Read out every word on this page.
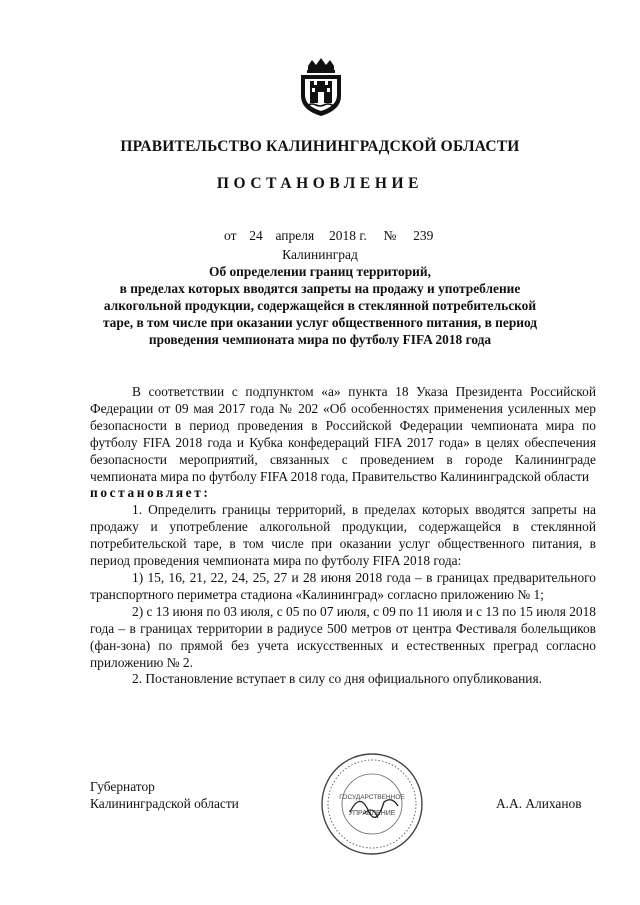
ПРАВИТЕЛЬСТВО КАЛИНИНГРАДСКОЙ ОБЛАСТИ
ПОСТАНОВЛЕНИЕ
от 24 апреля 2018 г. № 239
Калининград
Об определении границ территорий,
в пределах которых вводятся запреты на продажу и употребление
алкогольной продукции, содержащейся в стеклянной потребительской
таре, в том числе при оказании услуг общественного питания, в период
проведения чемпионата мира по футболу FIFA 2018 года

В соответствии с подпунктом «а» пункта 18 Указа Президента Российской Федерации от 09 мая 2017 года № 202 «Об особенностях применения усиленных мер безопасности в период проведения в Российской Федерации чемпионата мира по футболу FIFA 2018 года и Кубка конфедераций FIFA 2017 года» в целях обеспечения безопасности мероприятий, связанных с проведением в городе Калининграде чемпионата мира по футболу FIFA 2018 года, Правительство Калининградской области

постановляет:

1. Определить границы территорий, в пределах которых вводятся запреты на продажу и употребление алкогольной продукции, содержащейся в стеклянной потребительской таре, в том числе при оказании услуг общественного питания, в период проведения чемпионата мира по футболу FIFA 2018 года:

1) 15, 16, 21, 22, 24, 25, 27 и 28 июня 2018 года – в границах предварительного транспортного периметра стадиона «Калининград» согласно приложению № 1;

2) с 13 июня по 03 июля, с 05 по 07 июля, с 09 по 11 июля и с 13 по 15 июля 2018 года – в границах территории в радиусе 500 метров от центра Фестиваля болельщиков (фан-зона) по прямой без учета искусственных и естественных преград согласно приложению № 2.

2. Постановление вступает в силу со дня официального опубликования.

Губернатор
Калининградской области	ГОСУДАРСТВЕННОЕ
УПРАВЛЕНИЕ
А.А. Алиханов
